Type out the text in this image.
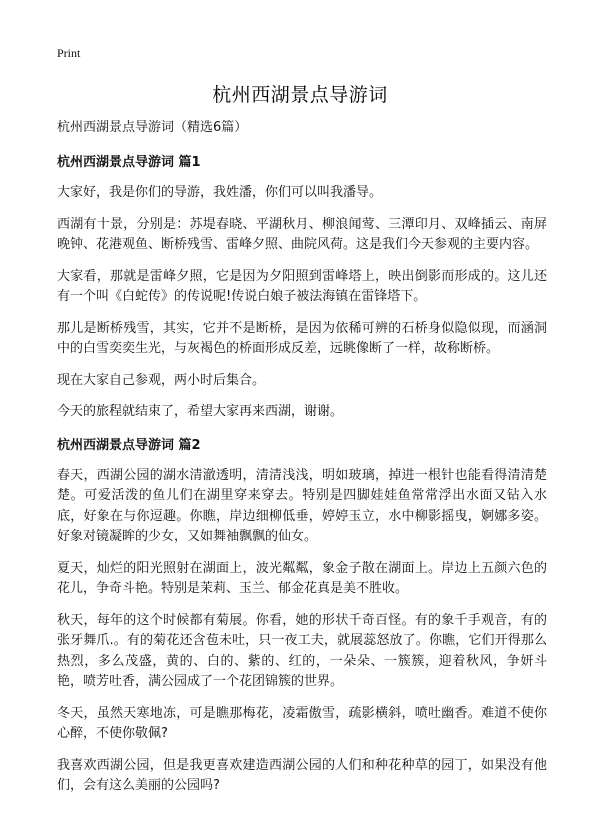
Print
杭州西湖景点导游词

杭州西湖景点导游词（精选6篇）

杭州西湖景点导游词 篇1

大家好，我是你们的导游，我姓潘，你们可以叫我潘导。

西湖有十景，分别是：苏堤春晓、平湖秋月、柳浪闻莺、三潭印月、双峰插云、南屏晚钟、花港观鱼、断桥残雪、雷峰夕照、曲院风荷。这是我们今天参观的主要内容。

大家看，那就是雷峰夕照，它是因为夕阳照到雷峰塔上，映出倒影而形成的。这儿还有一个叫《白蛇传》的传说呢!传说白娘子被法海镇在雷锋塔下。

那儿是断桥残雪，其实，它并不是断桥，是因为依稀可辨的石桥身似隐似现，而涵洞中的白雪奕奕生光，与灰褐色的桥面形成反差，远眺像断了一样，故称断桥。

现在大家自己参观，两小时后集合。

今天的旅程就结束了，希望大家再来西湖，谢谢。

杭州西湖景点导游词 篇2

春天，西湖公园的湖水清澈透明，清清浅浅，明如玻璃，掉进一根针也能看得清清楚楚。可爱活泼的鱼儿们在湖里穿来穿去。特别是四脚娃娃鱼常常浮出水面又钻入水底，好象在与你逗趣。你瞧，岸边细柳低垂，婷婷玉立，水中柳影摇曳，婀娜多姿。好象对镜凝眸的少女，又如舞袖飘飘的仙女。

夏天，灿烂的阳光照射在湖面上，波光粼粼，象金子散在湖面上。岸边上五颜六色的花儿，争奇斗艳。特别是茉莉、玉兰、郁金花真是美不胜收。

秋天，每年的这个时候都有菊展。你看，她的形状千奇百怪。有的象千手观音，有的张牙舞爪.。有的菊花还含苞未吐，只一夜工夫，就展蕊怒放了。你瞧，它们开得那么热烈，多么茂盛，黄的、白的、紫的、红的，一朵朵、一簇簇，迎着秋风，争妍斗艳，喷芳吐香，满公园成了一个花团锦簇的世界。

冬天，虽然天寒地冻，可是瞧那梅花，凌霜傲雪，疏影横斜，喷吐幽香。难道不使你心醉，不使你敬佩?

我喜欢西湖公园，但是我更喜欢建造西湖公园的人们和种花种草的园丁，如果没有他们，会有这么美丽的公园吗?
